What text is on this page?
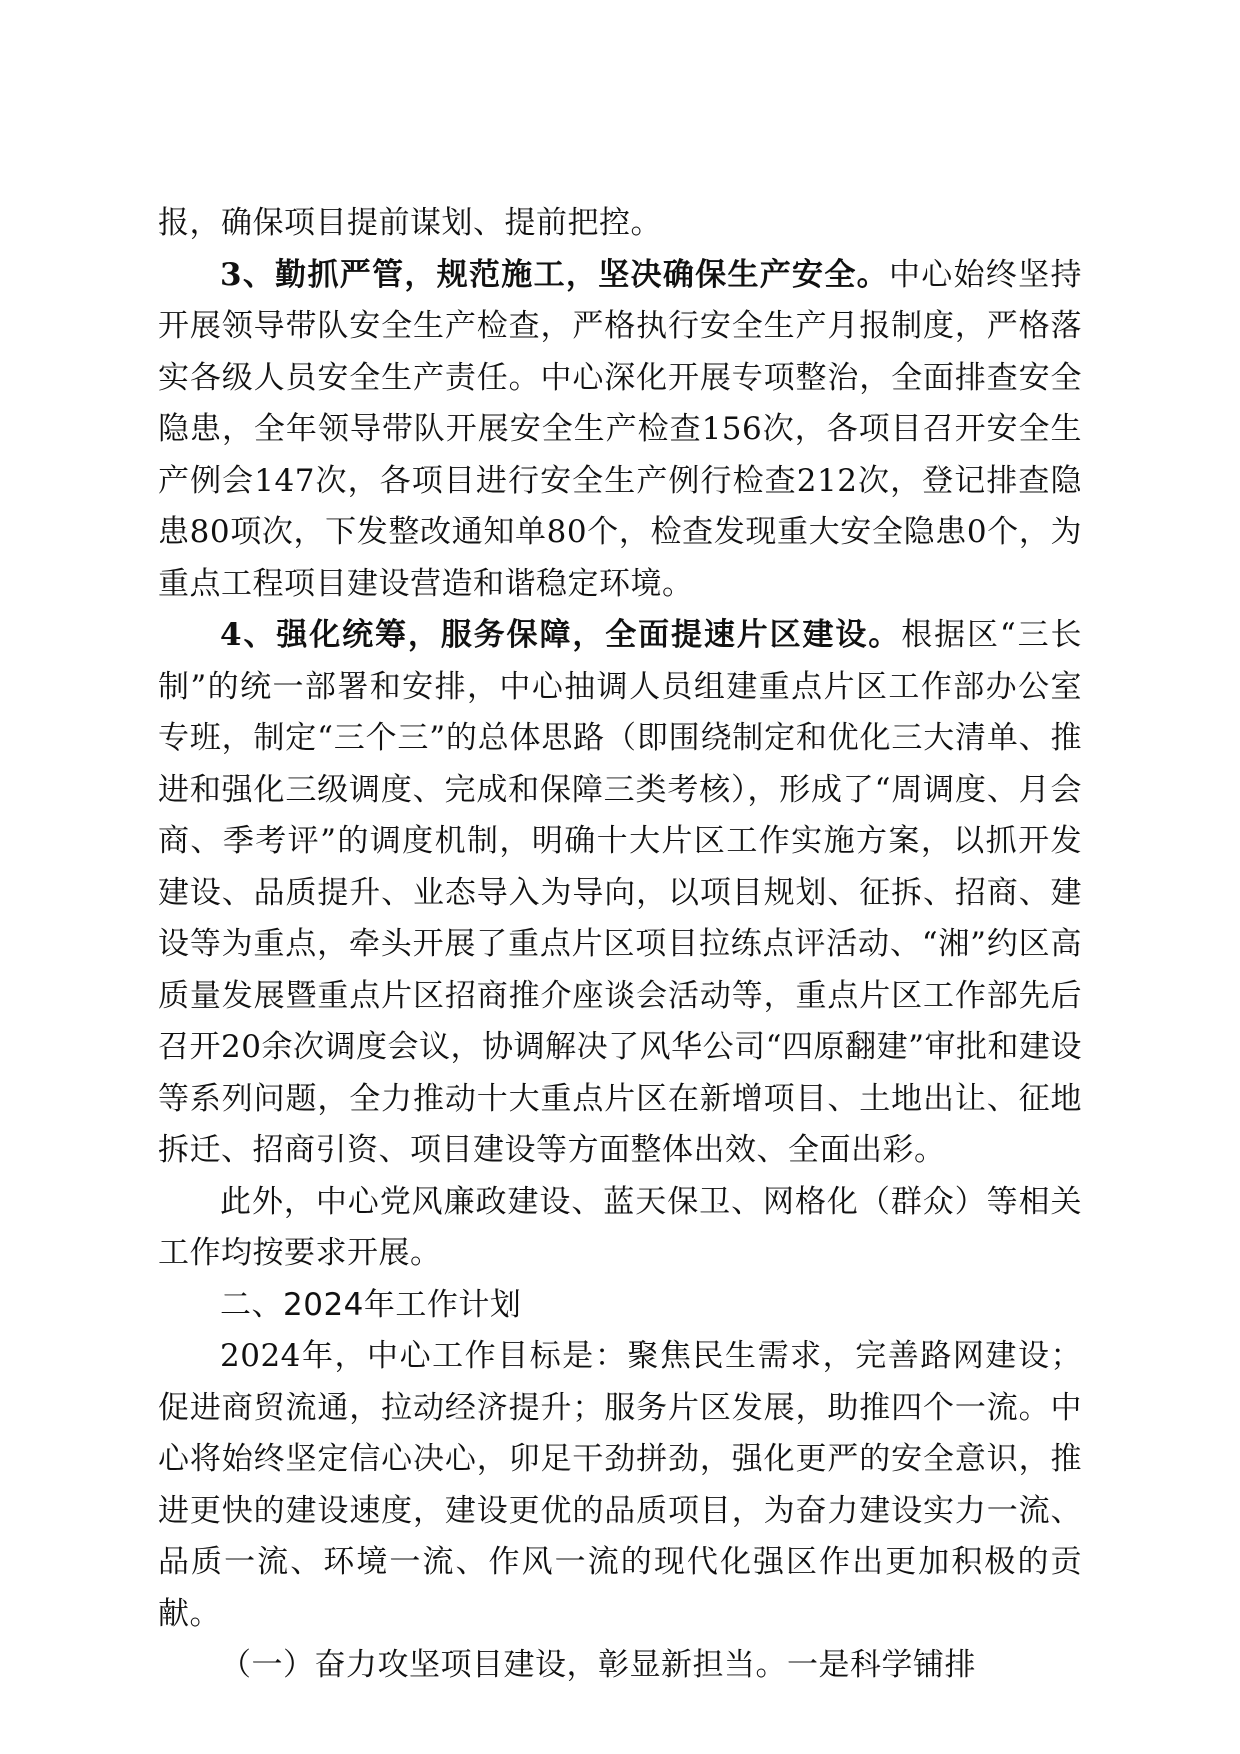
报，确保项目提前谋划、提前把控。

3、勤抓严管，规范施工，坚决确保生产安全。中心始终坚持开展领导带队安全生产检查，严格执行安全生产月报制度，严格落实各级人员安全生产责任。中心深化开展专项整治，全面排查安全隐患，全年领导带队开展安全生产检查156次，各项目召开安全生产例会147次，各项目进行安全生产例行检查212次，登记排查隐患80项次，下发整改通知单80个，检查发现重大安全隐患0个，为重点工程项目建设营造和谐稳定环境。

4、强化统筹，服务保障，全面提速片区建设。根据区“三长制”的统一部署和安排，中心抽调人员组建重点片区工作部办公室专班，制定“三个三”的总体思路（即围绕制定和优化三大清单、推进和强化三级调度、完成和保障三类考核），形成了“周调度、月会商、季考评”的调度机制，明确十大片区工作实施方案，以抓开发建设、品质提升、业态导入为导向，以项目规划、征拆、招商、建设等为重点，牵头开展了重点片区项目拉练点评活动、“湘”约区高质量发展暨重点片区招商推介座谈会活动等，重点片区工作部先后召开20余次调度会议，协调解决了风华公司“四原翻建”审批和建设等系列问题，全力推动十大重点片区在新增项目、土地出让、征地拆迁、招商引资、项目建设等方面整体出效、全面出彩。

此外，中心党风廉政建设、蓝天保卫、网格化（群众）等相关工作均按要求开展。

二、2024年工作计划

2024年，中心工作目标是：聚焦民生需求，完善路网建设；促进商贸流通，拉动经济提升；服务片区发展，助推四个一流。中心将始终坚定信心决心，卯足干劲拼劲，强化更严的安全意识，推进更快的建设速度，建设更优的品质项目，为奋力建设实力一流、品质一流、环境一流、作风一流的现代化强区作出更加积极的贡献。

（一）奋力攻坚项目建设，彰显新担当。一是科学铺排
